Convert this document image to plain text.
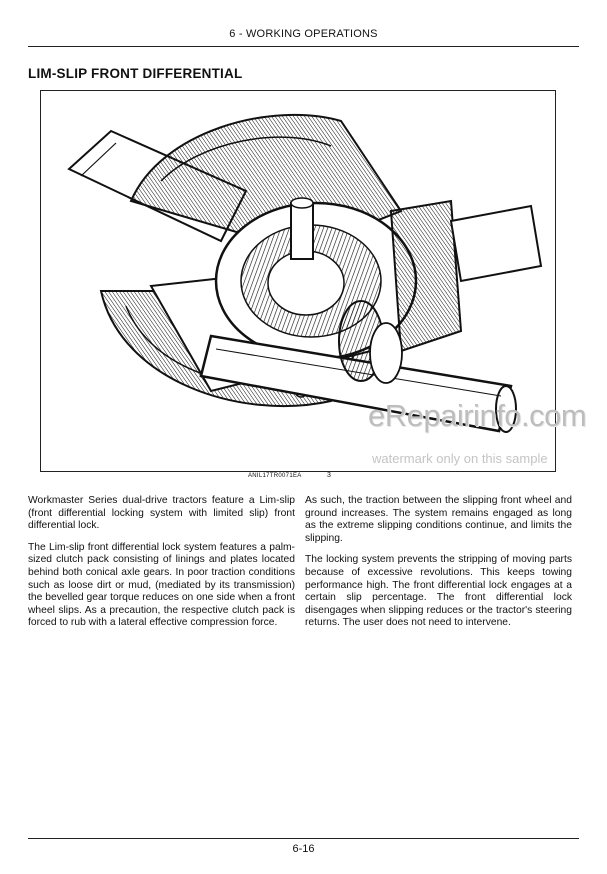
6 - WORKING OPERATIONS
LIM-SLIP FRONT DIFFERENTIAL
eRepairinfo.com
watermark only on this sample
ANIL17TR0071EA	3

Workmaster Series dual-drive tractors feature a Lim-slip (front differential locking system with limited slip) front differential lock.

The Lim-slip front differential lock system features a palm-sized clutch pack consisting of linings and plates located behind both conical axle gears. In poor traction conditions such as loose dirt or mud, (mediated by its transmission) the bevelled gear torque reduces on one side when a front wheel slips. As a precaution, the respective clutch pack is forced to rub with a lateral effective compression force.

As such, the traction between the slipping front wheel and ground increases. The system remains engaged as long as the extreme slipping conditions continue, and limits the slipping.

The locking system prevents the stripping of moving parts because of excessive revolutions. This keeps towing performance high. The front differential lock engages at a certain slip percentage. The front differential lock disengages when slipping reduces or the tractor's steering returns. The user does not need to intervene.

6-16
